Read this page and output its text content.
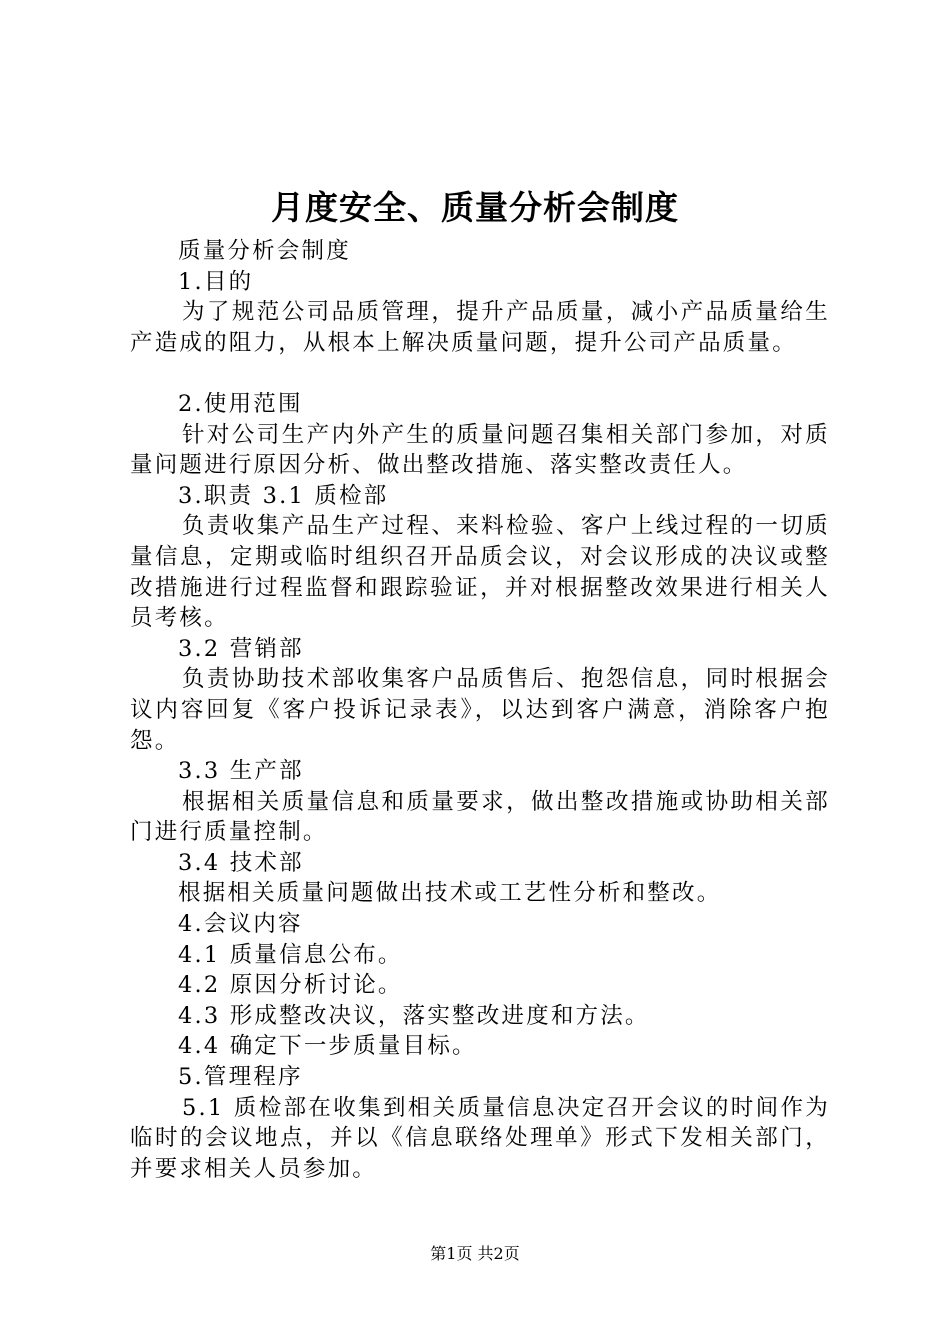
月度安全、质量分析会制度

质量分析会制度

1.目的

为了规范公司品质管理，提升产品质量，减小产品质量给生产造成的阻力，从根本上解决质量问题，提升公司产品质量。

2.使用范围

针对公司生产内外产生的质量问题召集相关部门参加，对质量问题进行原因分析、做出整改措施、落实整改责任人。

3.职责 3.1 质检部

负责收集产品生产过程、来料检验、客户上线过程的一切质量信息，定期或临时组织召开品质会议，对会议形成的决议或整改措施进行过程监督和跟踪验证，并对根据整改效果进行相关人员考核。

3.2 营销部

负责协助技术部收集客户品质售后、抱怨信息，同时根据会议内容回复《客户投诉记录表》，以达到客户满意，消除客户抱怨。

3.3 生产部

根据相关质量信息和质量要求，做出整改措施或协助相关部门进行质量控制。

3.4 技术部

根据相关质量问题做出技术或工艺性分析和整改。

4.会议内容

4.1 质量信息公布。

4.2 原因分析讨论。

4.3 形成整改决议，落实整改进度和方法。

4.4 确定下一步质量目标。

5.管理程序

5.1 质检部在收集到相关质量信息决定召开会议的时间作为临时的会议地点，并以《信息联络处理单》形式下发相关部门，并要求相关人员参加。

第1页 共2页
